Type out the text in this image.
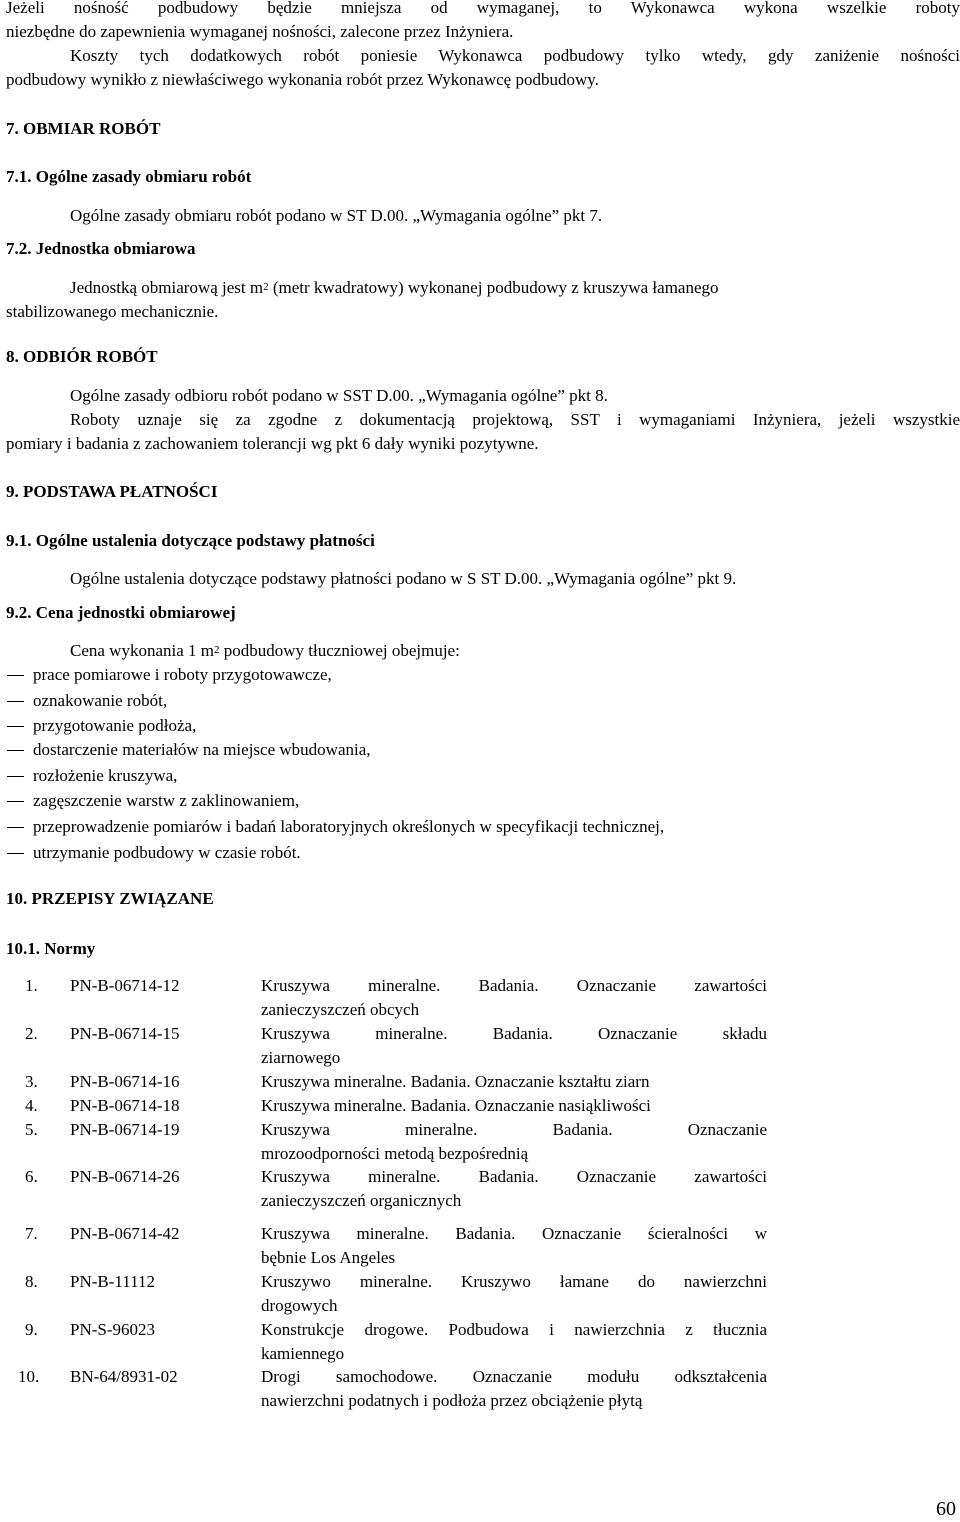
Jeżeli nośność podbudowy będzie mniejsza od wymaganej, to Wykonawca wykona wszelkie roboty
niezbędne do zapewnienia wymaganej nośności, zalecone przez Inżyniera.
Koszty tych dodatkowych robót poniesie Wykonawca podbudowy tylko wtedy, gdy zaniżenie nośności
podbudowy wynikło z niewłaściwego wykonania robót przez Wykonawcę podbudowy.
7. OBMIAR ROBÓT
7.1. Ogólne zasady obmiaru robót
Ogólne zasady obmiaru robót podano w ST D.00. „Wymagania ogólne” pkt 7.
7.2. Jednostka obmiarowa
Jednostką obmiarową jest $m^2$ (metr kwadratowy) wykonanej podbudowy z kruszywa łamanego
stabilizowanego mechanicznie.
8. ODBIÓR ROBÓT
Ogólne zasady odbioru robót podano w SST D.00. „Wymagania ogólne” pkt 8.
Roboty uznaje się za zgodne z dokumentacją projektową, SST i wymaganiami Inżyniera, jeżeli wszystkie
pomiary i badania z zachowaniem tolerancji wg pkt 6 dały wyniki pozytywne.
9. PODSTAWA PŁATNOŚCI
9.1. Ogólne ustalenia dotyczące podstawy płatności
Ogólne ustalenia dotyczące podstawy płatności podano w S ST D.00. „Wymagania ogólne” pkt 9.
9.2. Cena jednostki obmiarowej
Cena wykonania 1 $m^2$ podbudowy tłuczniowej obejmuje:
prace pomiarowe i roboty przygotowawcze,
oznakowanie robót,
przygotowanie podłoża,
dostarczenie materiałów na miejsce wbudowania,
rozłożenie kruszywa,
zagęszczenie warstw z zaklinowaniem,
przeprowadzenie pomiarów i badań laboratoryjnych określonych w specyfikacji technicznej,
utrzymanie podbudowy w czasie robót.
10. PRZEPISY ZWIĄZANE
10.1. Normy
1. PN-B-06714-12	Kruszywa mineralne. Badania. Oznaczanie zawartości
zanieczyszczeń obcych
2. PN-B-06714-15	Kruszywa mineralne. Badania. Oznaczanie składu
ziarnowego
3. PN-B-06714-16	Kruszywa mineralne. Badania. Oznaczanie kształtu ziarn
4. PN-B-06714-18	Kruszywa mineralne. Badania. Oznaczanie nasiąkliwości
5. PN-B-06714-19	Kruszywa mineralne. Badania. Oznaczanie
mrozoodporności metodą bezpośrednią
6. PN-B-06714-26	Kruszywa mineralne. Badania. Oznaczanie zawartości
zanieczyszczeń organicznych
7. PN-B-06714-42	Kruszywa mineralne. Badania. Oznaczanie ścieralności w
bębnie Los Angeles
8. PN-B-11112	Kruszywo mineralne. Kruszywo łamane do nawierzchni
drogowych
9. PN-S-96023	Konstrukcje drogowe. Podbudowa i nawierzchnia z tłucznia
kamiennego
10. BN-64/8931-02	Drogi samochodowe. Oznaczanie modułu odkształcenia
nawierzchni podatnych i podłoża przez obciążenie płytą
60
